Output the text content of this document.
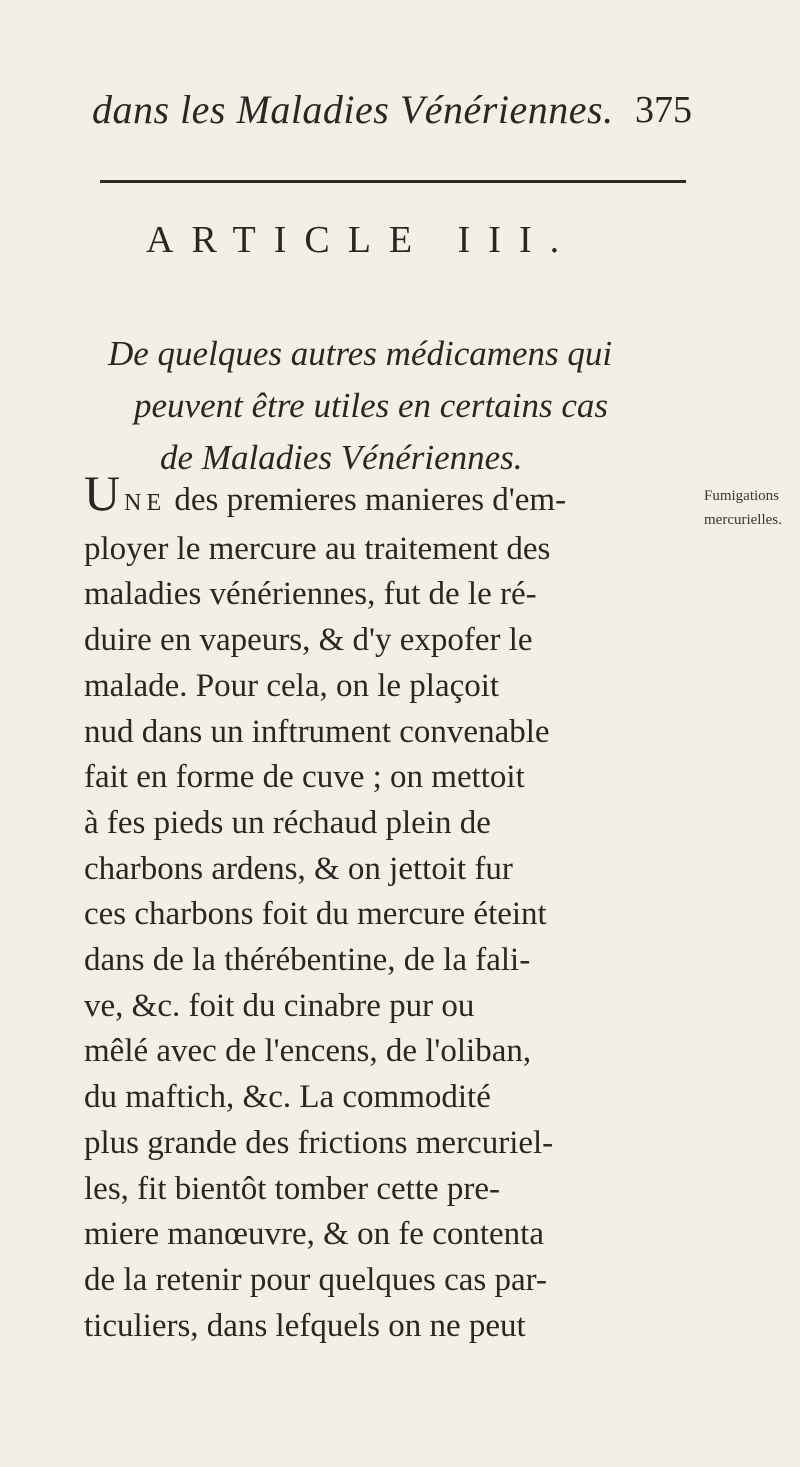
dans les Maladies Vénériennes. 375
ARTICLE III.
De quelques autres médicamens qui
peuvent être utiles en certains cas
de Maladies Vénériennes.
UNE des premieres manieres d'em-
ployer le mercure au traitement des
maladies vénériennes, fut de le ré-
duire en vapeurs, & d'y expofer le
malade. Pour cela, on le plaçoit
nud dans un inftrument convenable
fait en forme de cuve ; on mettoit
à fes pieds un réchaud plein de
charbons ardens, & on jettoit fur
ces charbons foit du mercure éteint
dans de la thérébentine, de la fali-
ve, &c. foit du cinabre pur ou
mêlé avec de l'encens, de l'oliban,
du maftich, &c. La commodité
plus grande des frictions mercuriel-
les, fit bientôt tomber cette pre-
miere manœuvre, & on fe contenta
de la retenir pour quelques cas par-
ticuliers, dans lefquels on ne peut
Fumigations
mercurielles.
